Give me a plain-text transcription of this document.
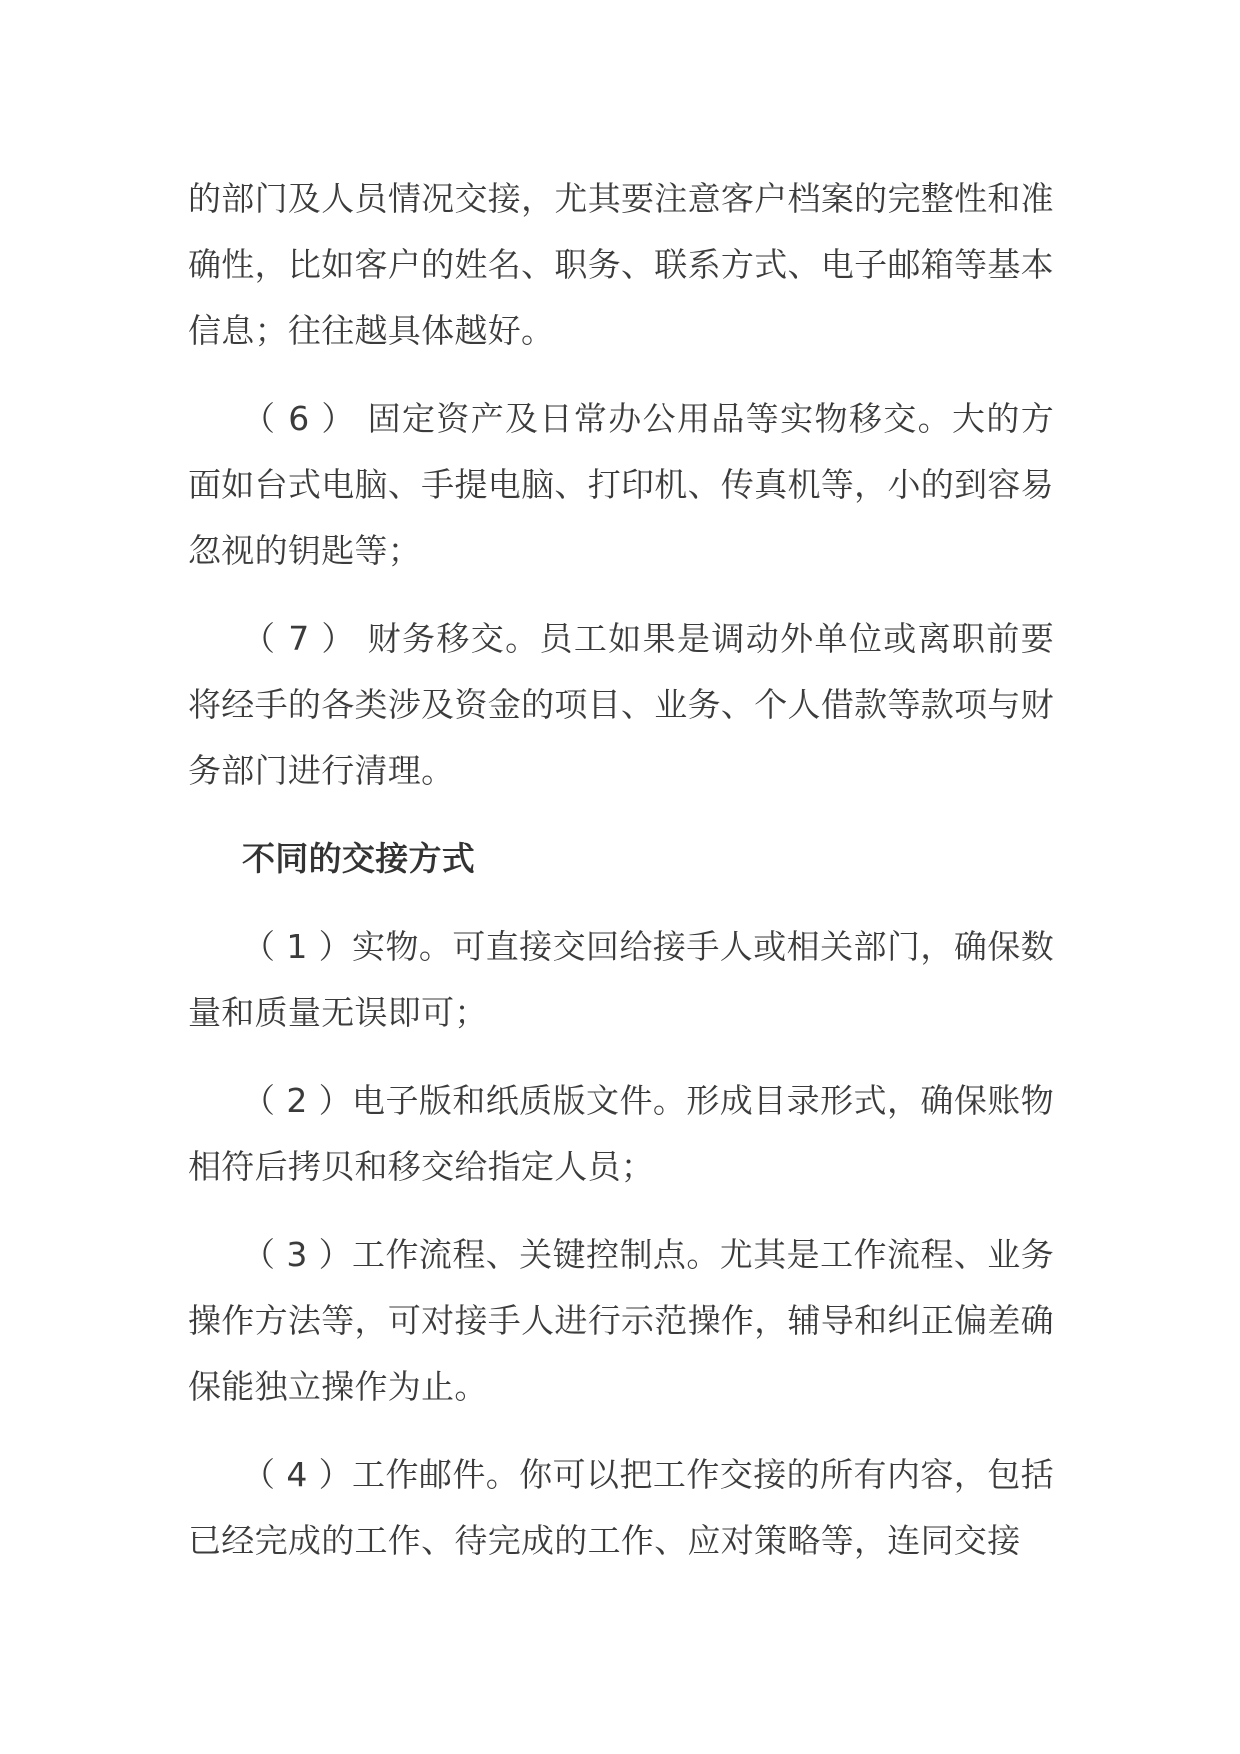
的部门及人员情况交接，尤其要注意客户档案的完整性和准确性，比如客户的姓名、职务、联系方式、电子邮箱等基本信息；往往越具体越好。

（ 6 ） 固定资产及日常办公用品等实物移交。大的方面如台式电脑、手提电脑、打印机、传真机等，小的到容易忽视的钥匙等；

（ 7 ） 财务移交。员工如果是调动外单位或离职前要将经手的各类涉及资金的项目、业务、个人借款等款项与财务部门进行清理。

不同的交接方式

（ 1 ）实物。可直接交回给接手人或相关部门，确保数量和质量无误即可；

（ 2 ）电子版和纸质版文件。形成目录形式，确保账物相符后拷贝和移交给指定人员；

（ 3 ）工作流程、关键控制点。尤其是工作流程、业务操作方法等，可对接手人进行示范操作，辅导和纠正偏差确保能独立操作为止。

（ 4 ）工作邮件。你可以把工作交接的所有内容，包括已经完成的工作、待完成的工作、应对策略等，连同交接
